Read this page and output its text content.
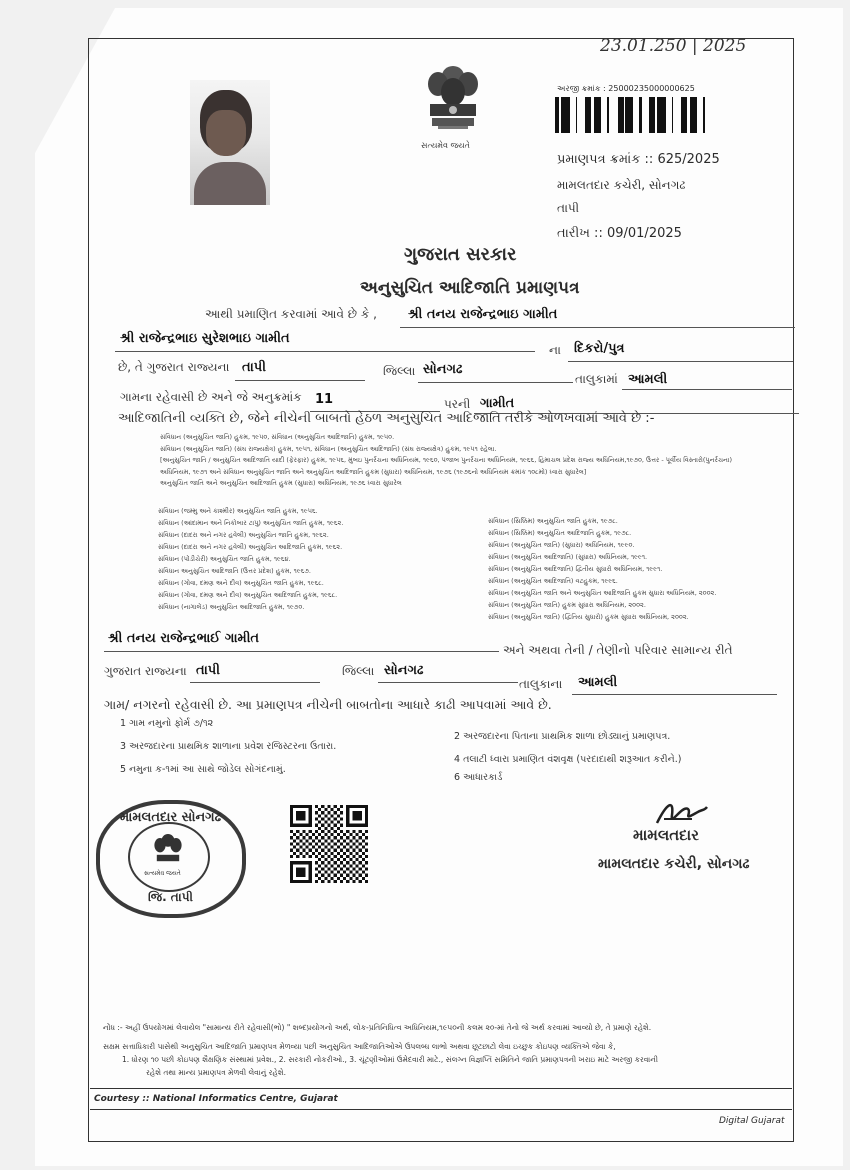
23.01.250 | 2025
સત્યમેવ જયતે
અરજી ક્રમાંક : 25000235000000625
પ્રમાણપત્ર ક્રમાંક :: 625/2025
મામલતદાર કચેરી, સોનગઢ
તાપી
તારીખ :: 09/01/2025
ગુજરાત સરકાર
અનુસુચિત આદિજાતિ પ્રમાણપત્ર
આથી પ્રમાણિત કરવામાં આવે છે કે , શ્રી તનય રાજેન્દ્રભાઇ ગામીત
શ્રી રાજેન્દ્રભાઇ સુરેશભાઇ ગામીત
ના દિકરો/પુત્ર
છે, તે ગુજરાત રાજ્યના તાપી	જિલ્લા સોનગઢ
તાલુકામાં આમલી
ગામના રહેવાસી છે અને જે અનુક્રમાંક 11	પરની ગામીત
આદિજાતિની વ્યક્તિ છે, જેને નીચેની બાબતો હેઠળ અનુસુચિત આદિજાતિ તરીકે ઓળખવામાં આવે છે :-
સંવિધાન (અનુસુચિત જાતિ) હુકમ, ૧૯૫૦, સંવિધાન (અનુસુચિત આદિજાતિ) હુકમ, ૧૯૫૦.
સંવિધાન (અનુસુચિત જાતિ) (સંઘ રાજ્યક્ષેત્ર) હુકમ, ૧૯૫૧, સંવિધાન (અનુસુચિત આદિજાતિ) (સંઘ રાજ્યક્ષેત્ર) હુકમ, ૧૯૫૧ રહેલા.
[અનુસુચિત જાતિ / અનુસુચિત આદિજાતિ યાદી (ફેરફાર) હુકમ, ૧૯૫૬, મુંબઇ પુનર્રચના અધિનિયમ, ૧૯૬૦, પંજાબ પુનર્રચના અધિનિયમ, ૧૯૬૬, હિમાચલ પ્રદેશ રાજ્ય અધિનિયમ,૧૯૭૦, ઉત્તર - પૂર્વીય વિસ્તારો(પુનર્રચના)
અધિનિયમ, ૧૯૭૧ અને સંવિધાન અનુસુચિત જાતિ અને અનુસુચિત આદિજાતિ હુકમ (સુધારા) અધિનિયમ, ૧૯૭૬ (૧૯૭૬નો અધિનિયમ ક્રમાંક ૧૦૮મો) ધ્વારા સુધારેલ]
અનુસુચિત જાતિ અને અનુસુચિત આદિજાતિ હુકમ (સુધારા) અધિનિયમ, ૧૯૭૬ ધ્વારા સુધારેલ
સંવિધાન (જમ્મુ અને કાશ્મીર) અનુસુચિત જાતિ હુકમ, ૧૯૫૬.
સંવિધાન (આંદામાન અને નિકોબાર ટાપુ) અનુસુચિત જાતિ હુકમ, ૧૯૬૨.
સંવિધાન (દાદરા અને નગર હવેલી) અનુસુચિત જાતિ હુકમ, ૧૯૬૨.
સંવિધાન (દાદરા અને નગર હવેલી) અનુસુચિત આદિજાતિ હુકમ, ૧૯૬૨.
સંવિધાન (પોંડીચેરી) અનુસુચિત જાતિ હુકમ, ૧૯૬૪.
સંવિધાન અનુસુચિત આદિજાતિ (ઉત્તર પ્રદેશ) હુકમ, ૧૯૬૭.
સંવિધાન (ગોવા, દમણ અને દીવ) અનુસુચિત જાતિ હુકમ, ૧૯૬૮.
સંવિધાન (ગોવા, દમણ અને દીવ) અનુસુચિત આદિજાતિ હુકમ, ૧૯૬૮.
સંવિધાન (નાગાલેંડ) અનુસુચિત આદિજાતિ હુકમ, ૧૯૭૦.
સંવિધાન (સિક્કિમ) અનુસુચિત જાતિ હુકમ, ૧૯૭૮.
સંવિધાન (સિક્કિમ) અનુસુચિત આદિજાતિ હુકમ, ૧૯૭૮.
સંવિધાન (અનુસુચિત જાતિ) (સુધારા) અધિનિયમ, ૧૯૯૦.
સંવિધાન (અનુસુચિત આદિજાતિ) (સુધારા) અધિનિયમ, ૧૯૯૧.
સંવિધાન (અનુસુચિત આદિજાતિ) દ્વિતીય સુધારો અધિનિયમ, ૧૯૯૧.
સંવિધાન (અનુસુચિત આદિજાતિ) વટહુકમ, ૧૯૯૬.
સંવિધાન (અનુસુચિત જાતિ અને અનુસુચિત આદિજાતિ હુકમ સુધારા અધિનિયમ, ૨૦૦૨.
સંવિધાન (અનુસુચિત જાતિ) હુકમ સુધારા અધિનિયમ, ૨૦૦૨.
સંવિધાન (અનુસુચિત જાતિ) (દ્વિતિય સુધારો) હુકમ સુધારા અધિનિયમ, ૨૦૦૨.
શ્રી તનય રાજેન્દ્રભાઈ ગામીત
અને અથવા તેની / તેણીનો પરિવાર સામાન્ય રીતે
ગુજરાત રાજ્યના તાપી	જિલ્લા સોનગઢ
તાલુકાના આમલી
ગામ/ નગરનો રહેવાસી છે. આ પ્રમાણપત્ર નીચેની બાબતોના આધારે કાઢી આપવામાં આવે છે.
1 ગામ નમુનો ફોર્મ ૭/૧૨
3 અરજદારના પ્રાથમિક શાળાના પ્રવેશ રજિસ્ટરના ઉતારા.
5 નમુના ક-૧માં આ સાથે જોડેલ સોગંદનામું.
2 અરજદારના પિતાના પ્રાથમિક શાળા છોડ્યાનું પ્રમાણપત્ર.
4 તલાટી ધ્વારા પ્રમાણિત વંશવૃક્ષ (પરદાદાથી શરૂઆત કરીને.)
6 આધારકાર્ડ
મામલતદાર સોનગઢ
સત્યમેવ જયતે
જિ. તાપી
મામલતદાર
મામલતદાર કચેરી, સોનગઢ
નોંધ :- અહીં ઉપયોગમાં લેવાયેલ "સામાન્ય રીતે રહેવાસી(ભો) " શબ્દપ્રયોગનો અર્થ, લોક-પ્રતિનિધિત્વ અધિનિયમ,૧૯૫૦ની કલમ ૨૦-માં તેનો જે અર્થ કરવામાં આવ્યો છે, તે પ્રમાણે રહેશે.
સક્ષમ સત્તાધિકારી પાસેથી અનુસુચિત આદિજાતિ પ્રમાણપત્ર મેળવ્યા પછી અનુસુચિત આદિજાતિઓએ ઉપલબ્ધ લાભો અથવા છૂટછાટો લેવા ઇચ્છુક કોઇપણ વ્યક્તિએ જેવા કે,
1. ધોરણ ૧૦ પછી કોઇપણ શૈક્ષણિક સંસ્થામાં પ્રવેશ., 2. સરકારી નોકરીઓ., 3. ચૂંટણીઓમાં ઉમેદવારી માટે., સંલગ્ન વિજ્ઞપ્તિ સમિતિને જાતિ પ્રમાણપત્રની ખરાઇ માટે અરજી કરવાની
રહેશે તથા માન્ય પ્રમાણપત્ર મેળવી લેવાનું રહેશે.
Courtesy :: National Informatics Centre, Gujarat
Digital Gujarat
